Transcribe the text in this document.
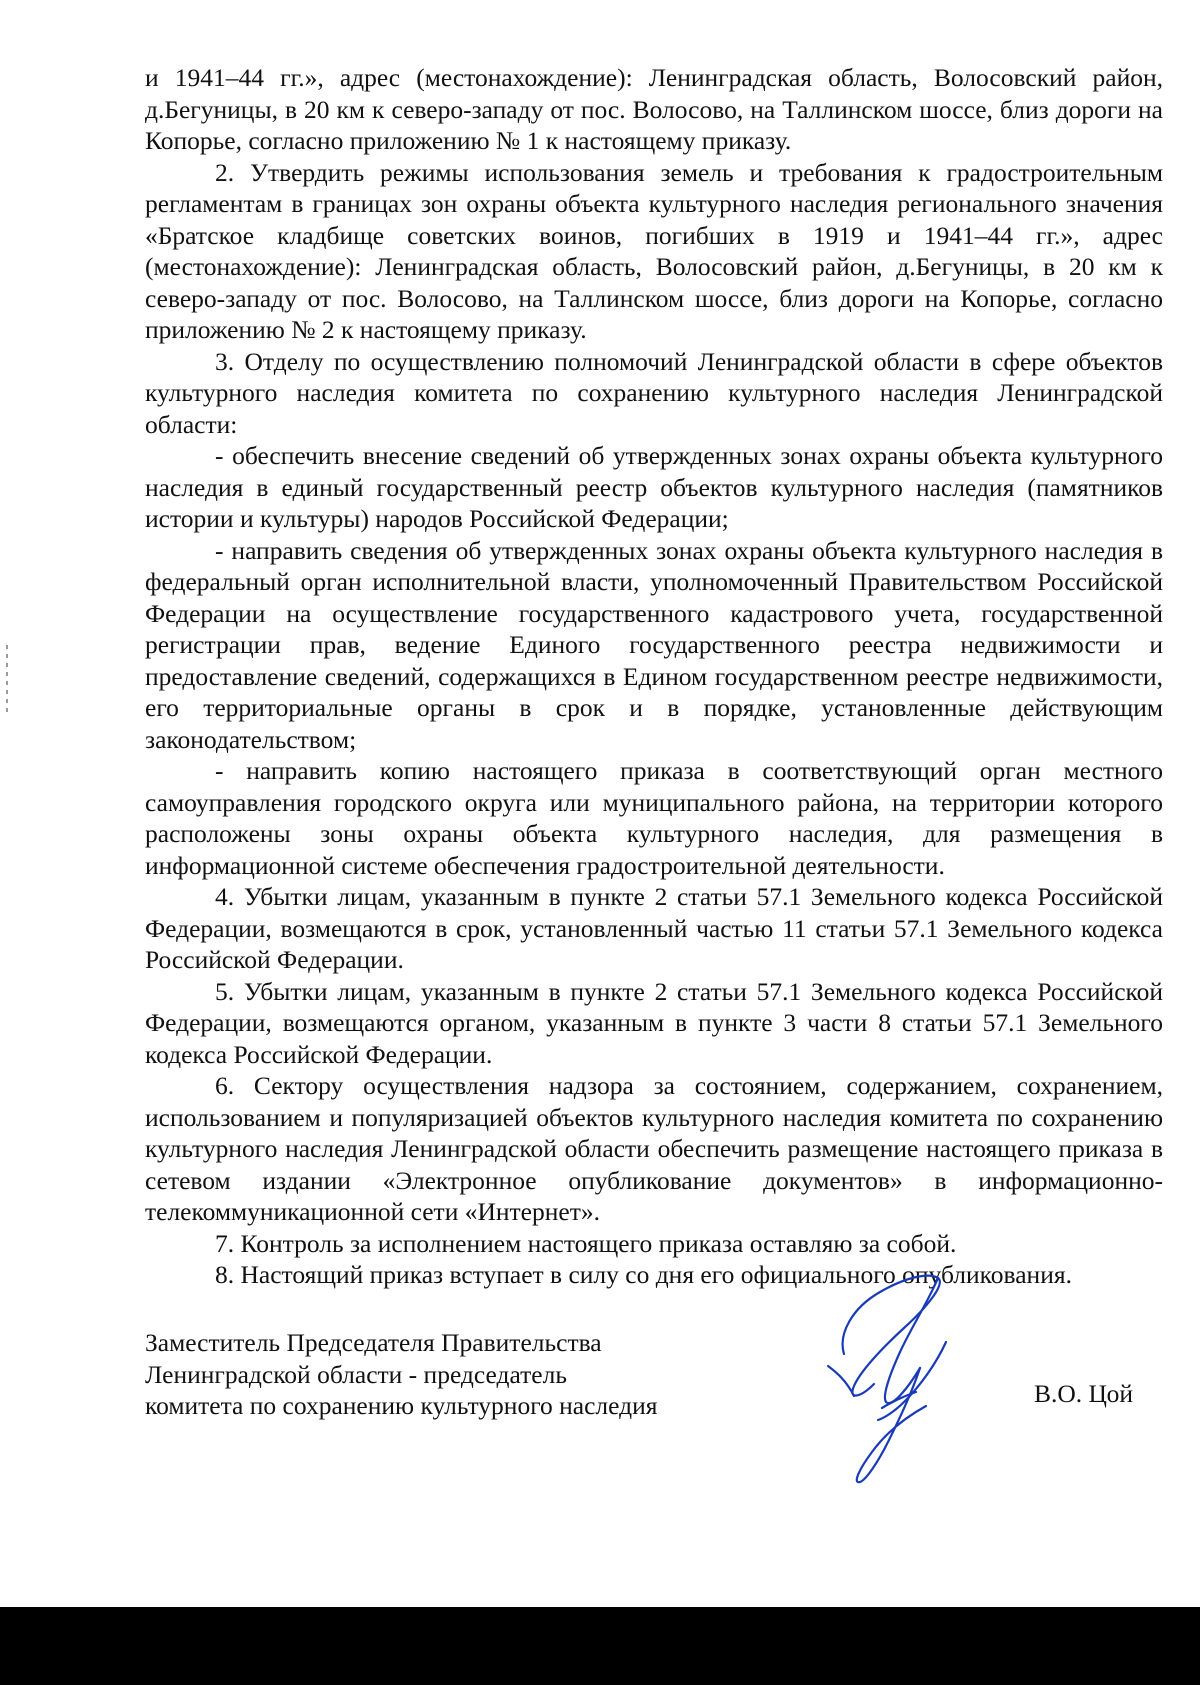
и 1941–44 гг.», адрес (местонахождение): Ленинградская область, Волосовский район, д.Бегуницы, в 20 км к северо-западу от пос. Волосово, на Таллинском шоссе, близ дороги на Копорье, согласно приложению № 1 к настоящему приказу.

2. Утвердить режимы использования земель и требования к градостроительным регламентам в границах зон охраны объекта культурного наследия регионального значения «Братское кладбище советских воинов, погибших в 1919 и 1941–44 гг.», адрес (местонахождение): Ленинградская область, Волосовский район, д.Бегуницы, в 20 км к северо-западу от пос. Волосово, на Таллинском шоссе, близ дороги на Копорье, согласно приложению № 2 к настоящему приказу.

3. Отделу по осуществлению полномочий Ленинградской области в сфере объектов культурного наследия комитета по сохранению культурного наследия Ленинградской области:

- обеспечить внесение сведений об утвержденных зонах охраны объекта культурного наследия в единый государственный реестр объектов культурного наследия (памятников истории и культуры) народов Российской Федерации;

- направить сведения об утвержденных зонах охраны объекта культурного наследия в федеральный орган исполнительной власти, уполномоченный Правительством Российской Федерации на осуществление государственного кадастрового учета, государственной регистрации прав, ведение Единого государственного реестра недвижимости и предоставление сведений, содержащихся в Едином государственном реестре недвижимости, его территориальные органы в срок и в порядке, установленные действующим законодательством;

- направить копию настоящего приказа в соответствующий орган местного самоуправления городского округа или муниципального района, на территории которого расположены зоны охраны объекта культурного наследия, для размещения в информационной системе обеспечения градостроительной деятельности.

4. Убытки лицам, указанным в пункте 2 статьи 57.1 Земельного кодекса Российской Федерации, возмещаются в срок, установленный частью 11 статьи 57.1 Земельного кодекса Российской Федерации.

5. Убытки лицам, указанным в пункте 2 статьи 57.1 Земельного кодекса Российской Федерации, возмещаются органом, указанным в пункте 3 части 8 статьи 57.1 Земельного кодекса Российской Федерации.

6. Сектору осуществления надзора за состоянием, содержанием, сохранением, использованием и популяризацией объектов культурного наследия комитета по сохранению культурного наследия Ленинградской области обеспечить размещение настоящего приказа в сетевом издании «Электронное опубликование документов» в информационно-телекоммуникационной сети «Интернет».

7. Контроль за исполнением настоящего приказа оставляю за собой.

8. Настоящий приказ вступает в силу со дня его официального опубликования.

Заместитель Председателя Правительства
Ленинградской области - председатель
комитета по сохранению культурного наследия	В.О. Цой
